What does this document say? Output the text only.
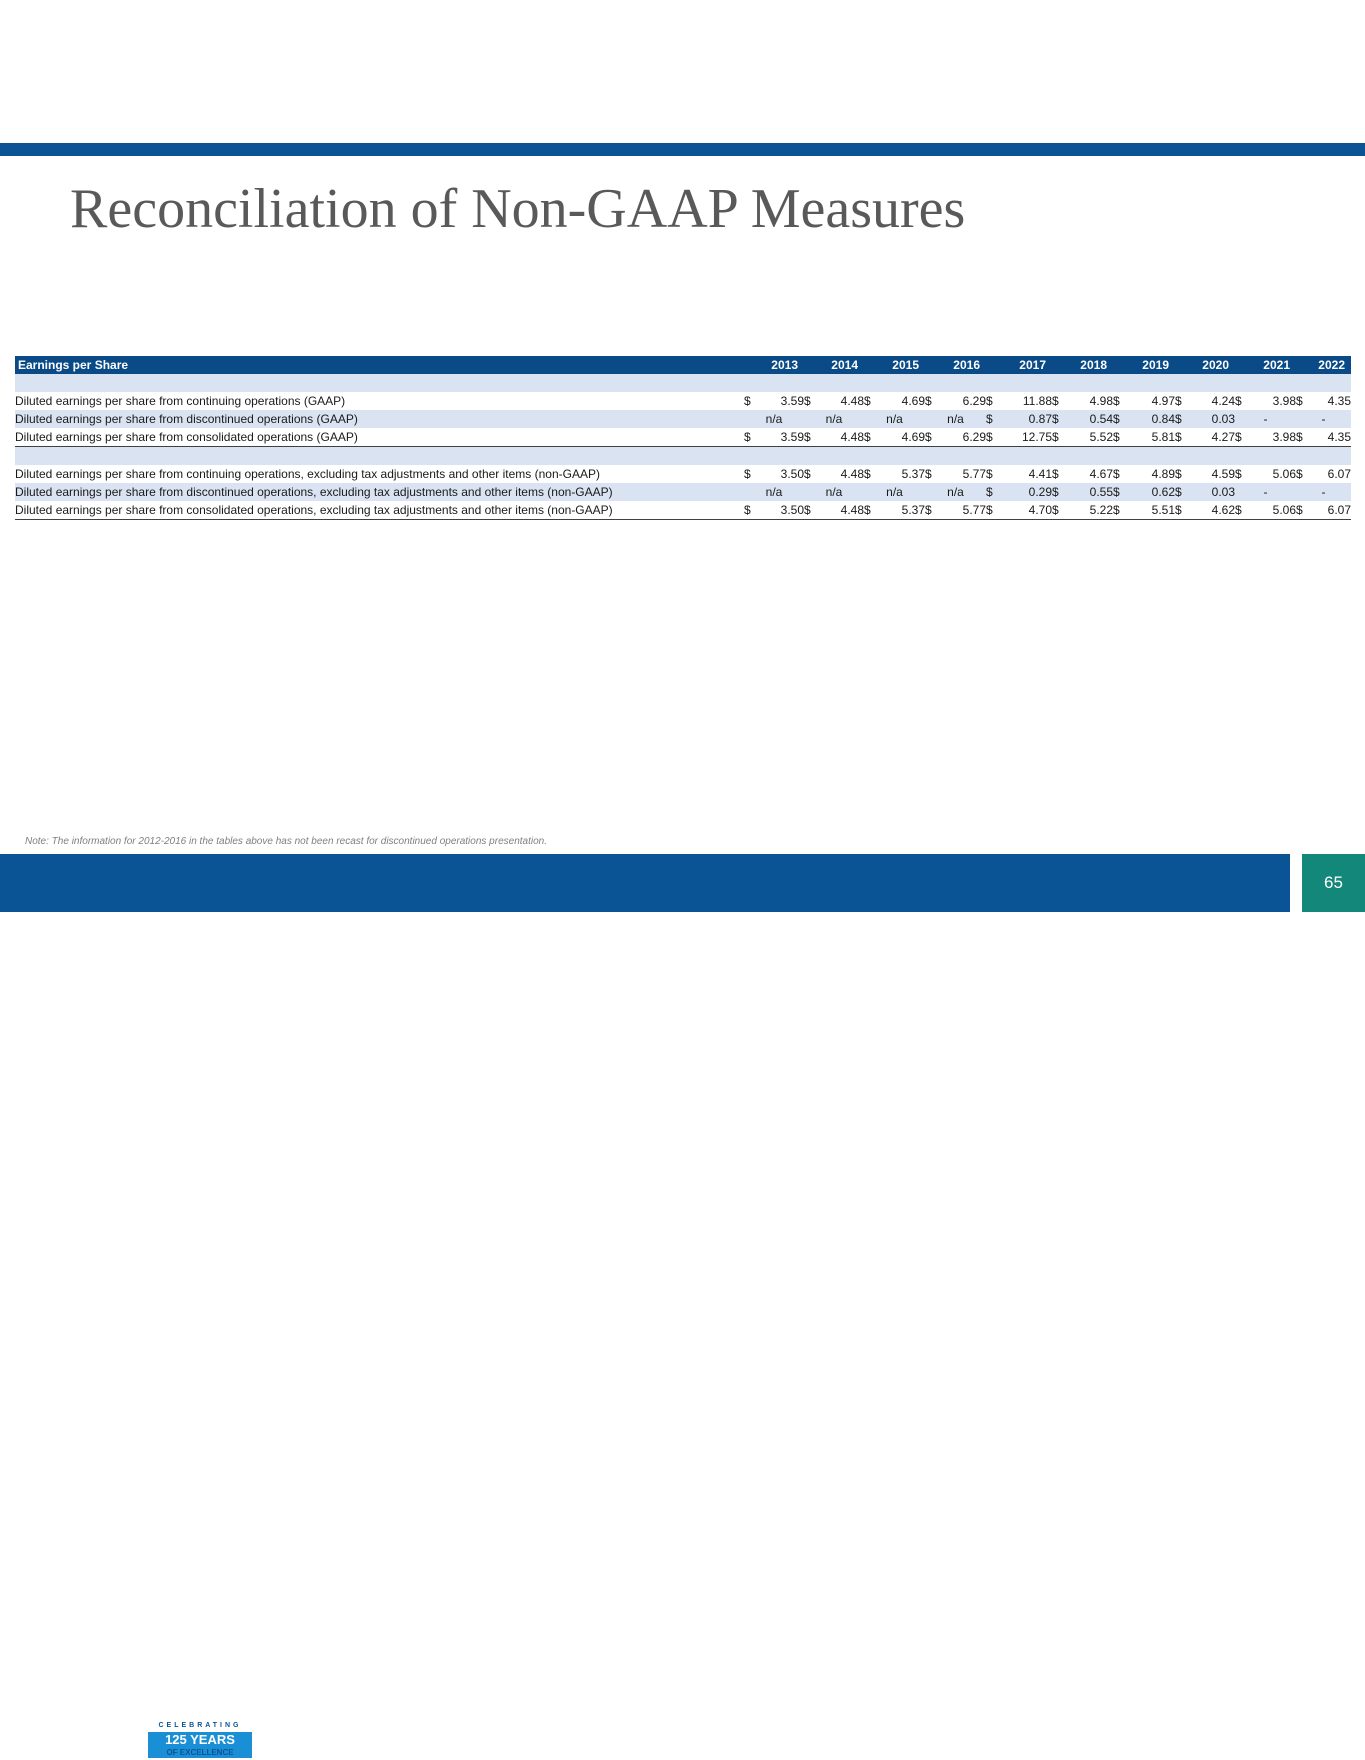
Reconciliation of Non-GAAP Measures
Earnings per Share	2013	2014	2015	2016	2017	2018	2019	2020	2021	2022

Diluted earnings per share from continuing operations (GAAP)	$ 3.59	$ 4.48	$ 4.69	$ 6.29	$ 11.88	$ 4.98	$ 4.97	$ 4.24	$ 3.98	$ 4.35
Diluted earnings per share from discontinued operations (GAAP)	n/a	n/a	n/a	n/a	$ 0.87	$ 0.54	$ 0.84	$ 0.03	-	-
Diluted earnings per share from consolidated operations (GAAP)	$ 3.59	$ 4.48	$ 4.69	$ 6.29	$ 12.75	$ 5.52	$ 5.81	$ 4.27	$ 3.98	$ 4.35

Diluted earnings per share from continuing operations, excluding tax adjustments and other items (non-GAAP)	$ 3.50	$ 4.48	$ 5.37	$ 5.77	$ 4.41	$ 4.67	$ 4.89	$ 4.59	$ 5.06	$ 6.07
Diluted earnings per share from discontinued operations, excluding tax adjustments and other items (non-GAAP)	n/a	n/a	n/a	n/a	$ 0.29	$ 0.55	$ 0.62	$ 0.03	-	-
Diluted earnings per share from consolidated operations, excluding tax adjustments and other items (non-GAAP)	$ 3.50	$ 4.48	$ 5.37	$ 5.77	$ 4.70	$ 5.22	$ 5.51	$ 4.62	$ 5.06	$ 6.07
Note: The information for 2012-2016 in the tables above has not been recast for discontinued operations presentation.
GATX	CELEBRATING
125 YEARS
OF EXCELLENCE
65
